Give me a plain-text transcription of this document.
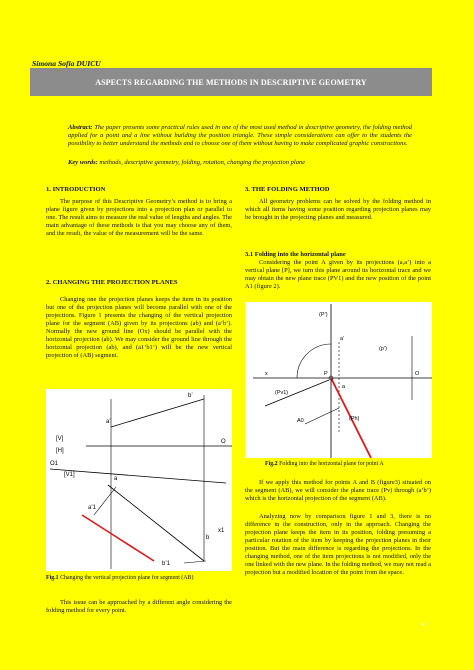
Simona Sofia DUICU
ASPECTS REGARDING THE METHODS IN DESCRIPTIVE GEOMETRY
Abstract: The paper presents some practical rules used in one of the most used method in descriptive geometry, the folding method applied for a point and a line without building the position triangle. These simple considerations can offer to the students the possibility to better understand the methods and to choose one of them without having to make complicated graphic constructions.
Key words: methods, descriptive geometry, folding, rotation, changing the projection plane
1. INTRODUCTION
The purpose of this Descriptive Geometry’s method is to bring a plane figure given by projections into a projection plan or parallel to one. The result aims to measure the real value of lengths and angles. The main advantage of these methods is that you may choose any of them, and the result, the value of the measurement will be the same.
2. CHANGING THE PROJECTION PLANES
Changing one the projection planes keeps the item in its position but one of the projection planes will become parallel with one of the projections. Figure 1 presents the changing of the vertical projection plane for the segment (AB) given by its projections (ab) and (a’b’). Normally the new ground line (Ox) should be parallel with the horizontal projection (ab). We may consider the ground line through the horizontal projection (ab), and (a1’b1’) will be the new vertical projection of (AB) segment.
b’
a’
[V]
[H]
O
O1
[V1]
a
a’1
b
x1
b’1
Fig.1 Changing the vertical projection plane for segment (AB)
This issue can be approached by a different angle considering the folding method for every point.
3. THE FOLDING METHOD
All geometry problems can be solved by the folding method in which all items having some position regarding projection planes may be brought in the projecting planes and measured.
3.1 Folding into the horizontal plane
Considering the point A given by its projections (a,a’) into a vertical plane [P], we turn this plane around its horizontal trace and we may obtain the new plane trace (PV1) and the new position of the point A1 (figure 2).
(P’)
a’
(p’)
x	P
a
O
(Pv1)
A0	(Ph)
Fig.2 Folding into the horizontal plane for point A
If we apply this method for points A and B (figure3) situated on the segment (AB), we will consider the plane trace (Pv) through (a’b’) which is the horizontal projection of the segment (AB).
Analyzing now by comparison figure 1 and 3, there is no difference in the construction, only in the approach. Changing the projection plane keeps the item in its position, folding presuming a particular rotation of the item by keeping the projection planes in their position. But the main difference is regarding the projections. In the changing method, one of the item projections is not modified, only the one linked with the new plane. In the folding method, we may not read a projection but a modified location of the point from the space.
41
